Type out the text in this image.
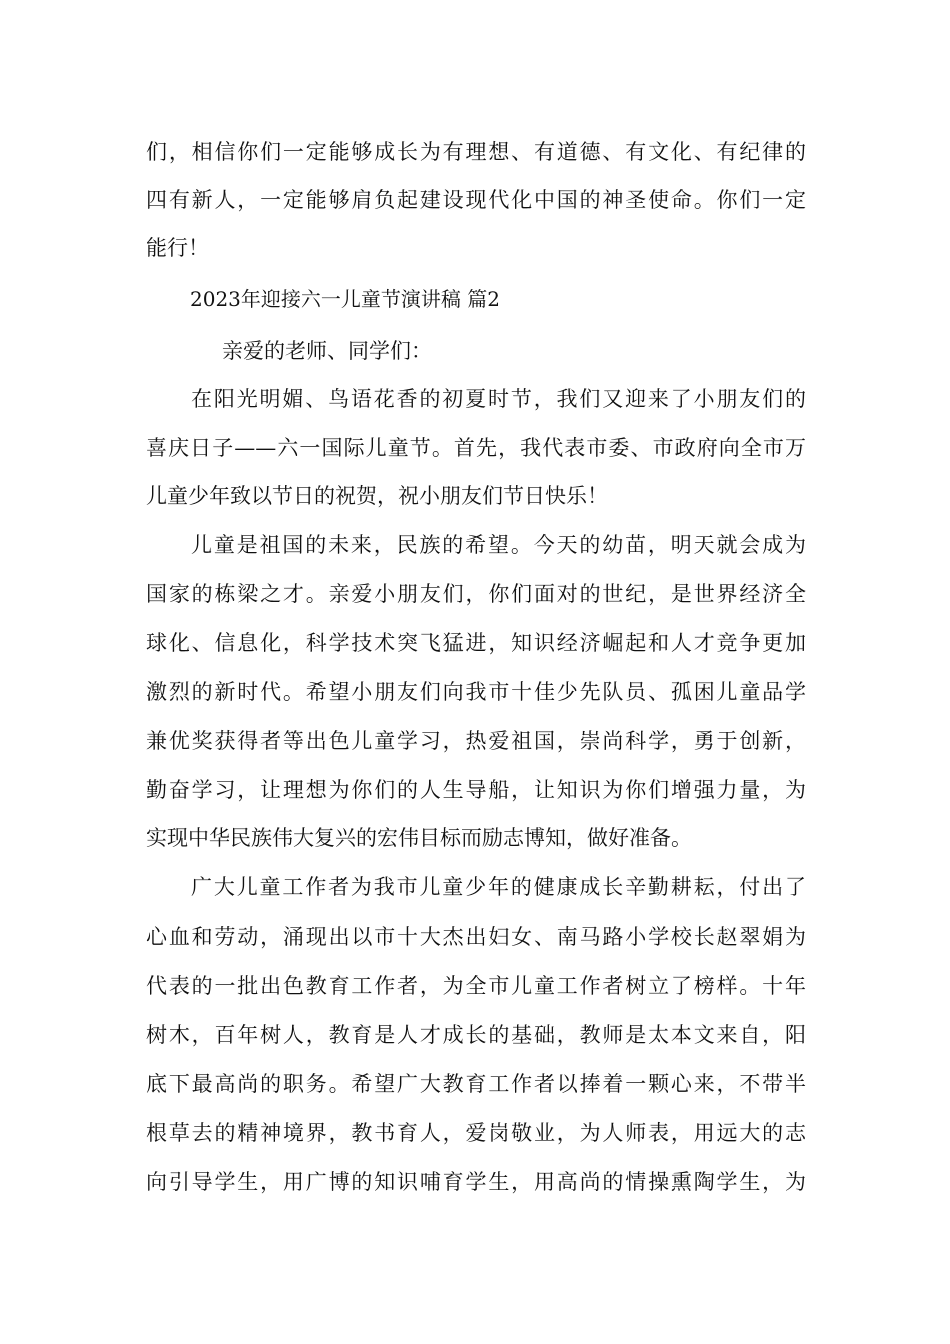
们，相信你们一定能够成长为有理想、有道德、有文化、有纪律的
四有新人，一定能够肩负起建设现代化中国的神圣使命。你们一定
能行！
2023年迎接六一儿童节演讲稿 篇2
亲爱的老师、同学们：
在阳光明媚、鸟语花香的初夏时节，我们又迎来了小朋友们的
喜庆日子——六一国际儿童节。首先，我代表市委、市政府向全市万
儿童少年致以节日的祝贺，祝小朋友们节日快乐！
儿童是祖国的未来，民族的希望。今天的幼苗，明天就会成为
国家的栋梁之才。亲爱小朋友们，你们面对的世纪，是世界经济全
球化、信息化，科学技术突飞猛进，知识经济崛起和人才竞争更加
激烈的新时代。希望小朋友们向我市十佳少先队员、孤困儿童品学
兼优奖获得者等出色儿童学习，热爱祖国，崇尚科学，勇于创新，
勤奋学习，让理想为你们的人生导船，让知识为你们增强力量，为
实现中华民族伟大复兴的宏伟目标而励志博知，做好准备。
广大儿童工作者为我市儿童少年的健康成长辛勤耕耘，付出了
心血和劳动，涌现出以市十大杰出妇女、南马路小学校长赵翠娟为
代表的一批出色教育工作者，为全市儿童工作者树立了榜样。十年
树木，百年树人，教育是人才成长的基础，教师是太本文来自，阳
底下最高尚的职务。希望广大教育工作者以捧着一颗心来，不带半
根草去的精神境界，教书育人，爱岗敬业，为人师表，用远大的志
向引导学生，用广博的知识哺育学生，用高尚的情操熏陶学生，为
